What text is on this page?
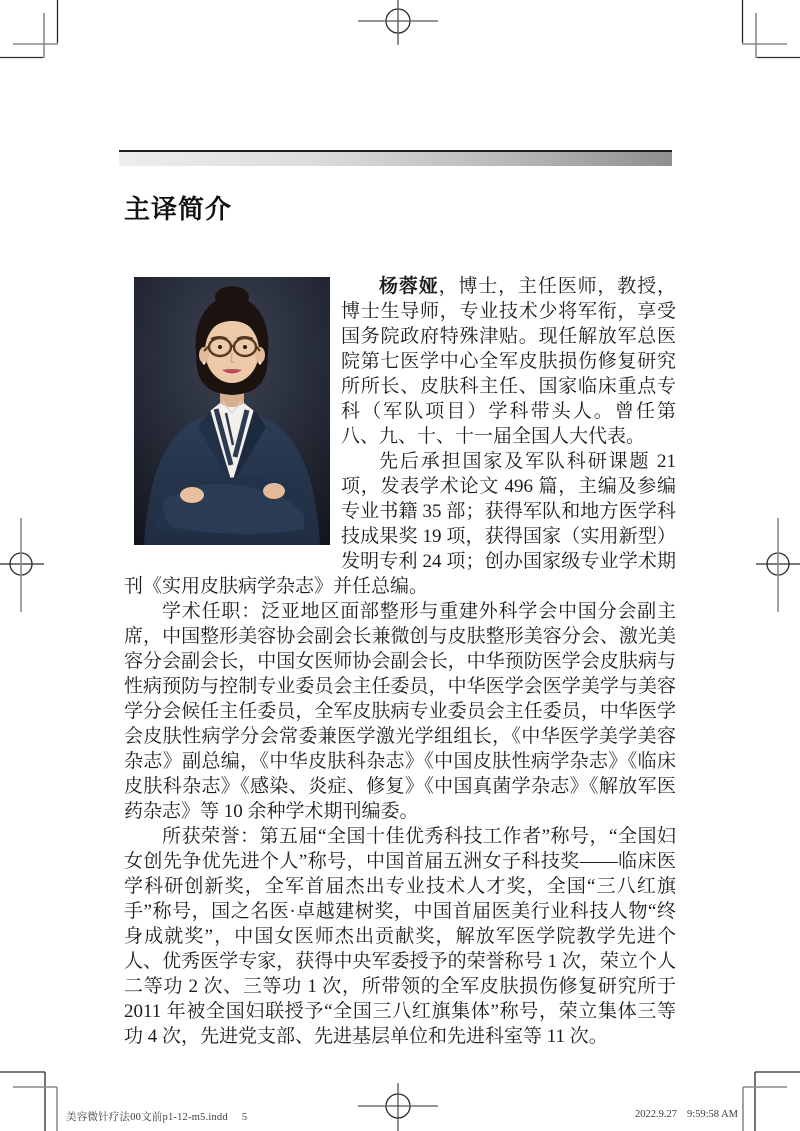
主译简介

杨蓉娅，博士，主任医师，教授，博士生导师，专业技术少将军衔，享受国务院政府特殊津贴。现任解放军总医院第七医学中心全军皮肤损伤修复研究所所长、皮肤科主任、国家临床重点专科（军队项目）学科带头人。曾任第八、九、十、十一届全国人大代表。

先后承担国家及军队科研课题 21 项，发表学术论文 496 篇，主编及参编专业书籍 35 部；获得军队和地方医学科技成果奖 19 项，获得国家（实用新型）发明专利 24 项；创办国家级专业学术期刊《实用皮肤病学杂志》并任总编。

学术任职：泛亚地区面部整形与重建外科学会中国分会副主席，中国整形美容协会副会长兼微创与皮肤整形美容分会、激光美容分会副会长，中国女医师协会副会长，中华预防医学会皮肤病与性病预防与控制专业委员会主任委员，中华医学会医学美学与美容学分会候任主任委员，全军皮肤病专业委员会主任委员，中华医学会皮肤性病学分会常委兼医学激光学组组长，《中华医学美学美容杂志》副总编，《中华皮肤科杂志》《中国皮肤性病学杂志》《临床皮肤科杂志》《感染、炎症、修复》《中国真菌学杂志》《解放军医药杂志》等 10 余种学术期刊编委。

所获荣誉：第五届“全国十佳优秀科技工作者”称号，“全国妇女创先争优先进个人”称号，中国首届五洲女子科技奖——临床医学科研创新奖，全军首届杰出专业技术人才奖，全国“三八红旗手”称号，国之名医·卓越建树奖，中国首届医美行业科技人物“终身成就奖”，中国女医师杰出贡献奖，解放军医学院教学先进个人、优秀医学专家，获得中央军委授予的荣誉称号 1 次，荣立个人二等功 2 次、三等功 1 次，所带领的全军皮肤损伤修复研究所于 2011 年被全国妇联授予“全国三八红旗集体”称号，荣立集体三等功 4 次，先进党支部、先进基层单位和先进科室等 11 次。

美容微针疗法00文前p1-12-m5.indd 5	2022.9.27 9:59:58 AM
